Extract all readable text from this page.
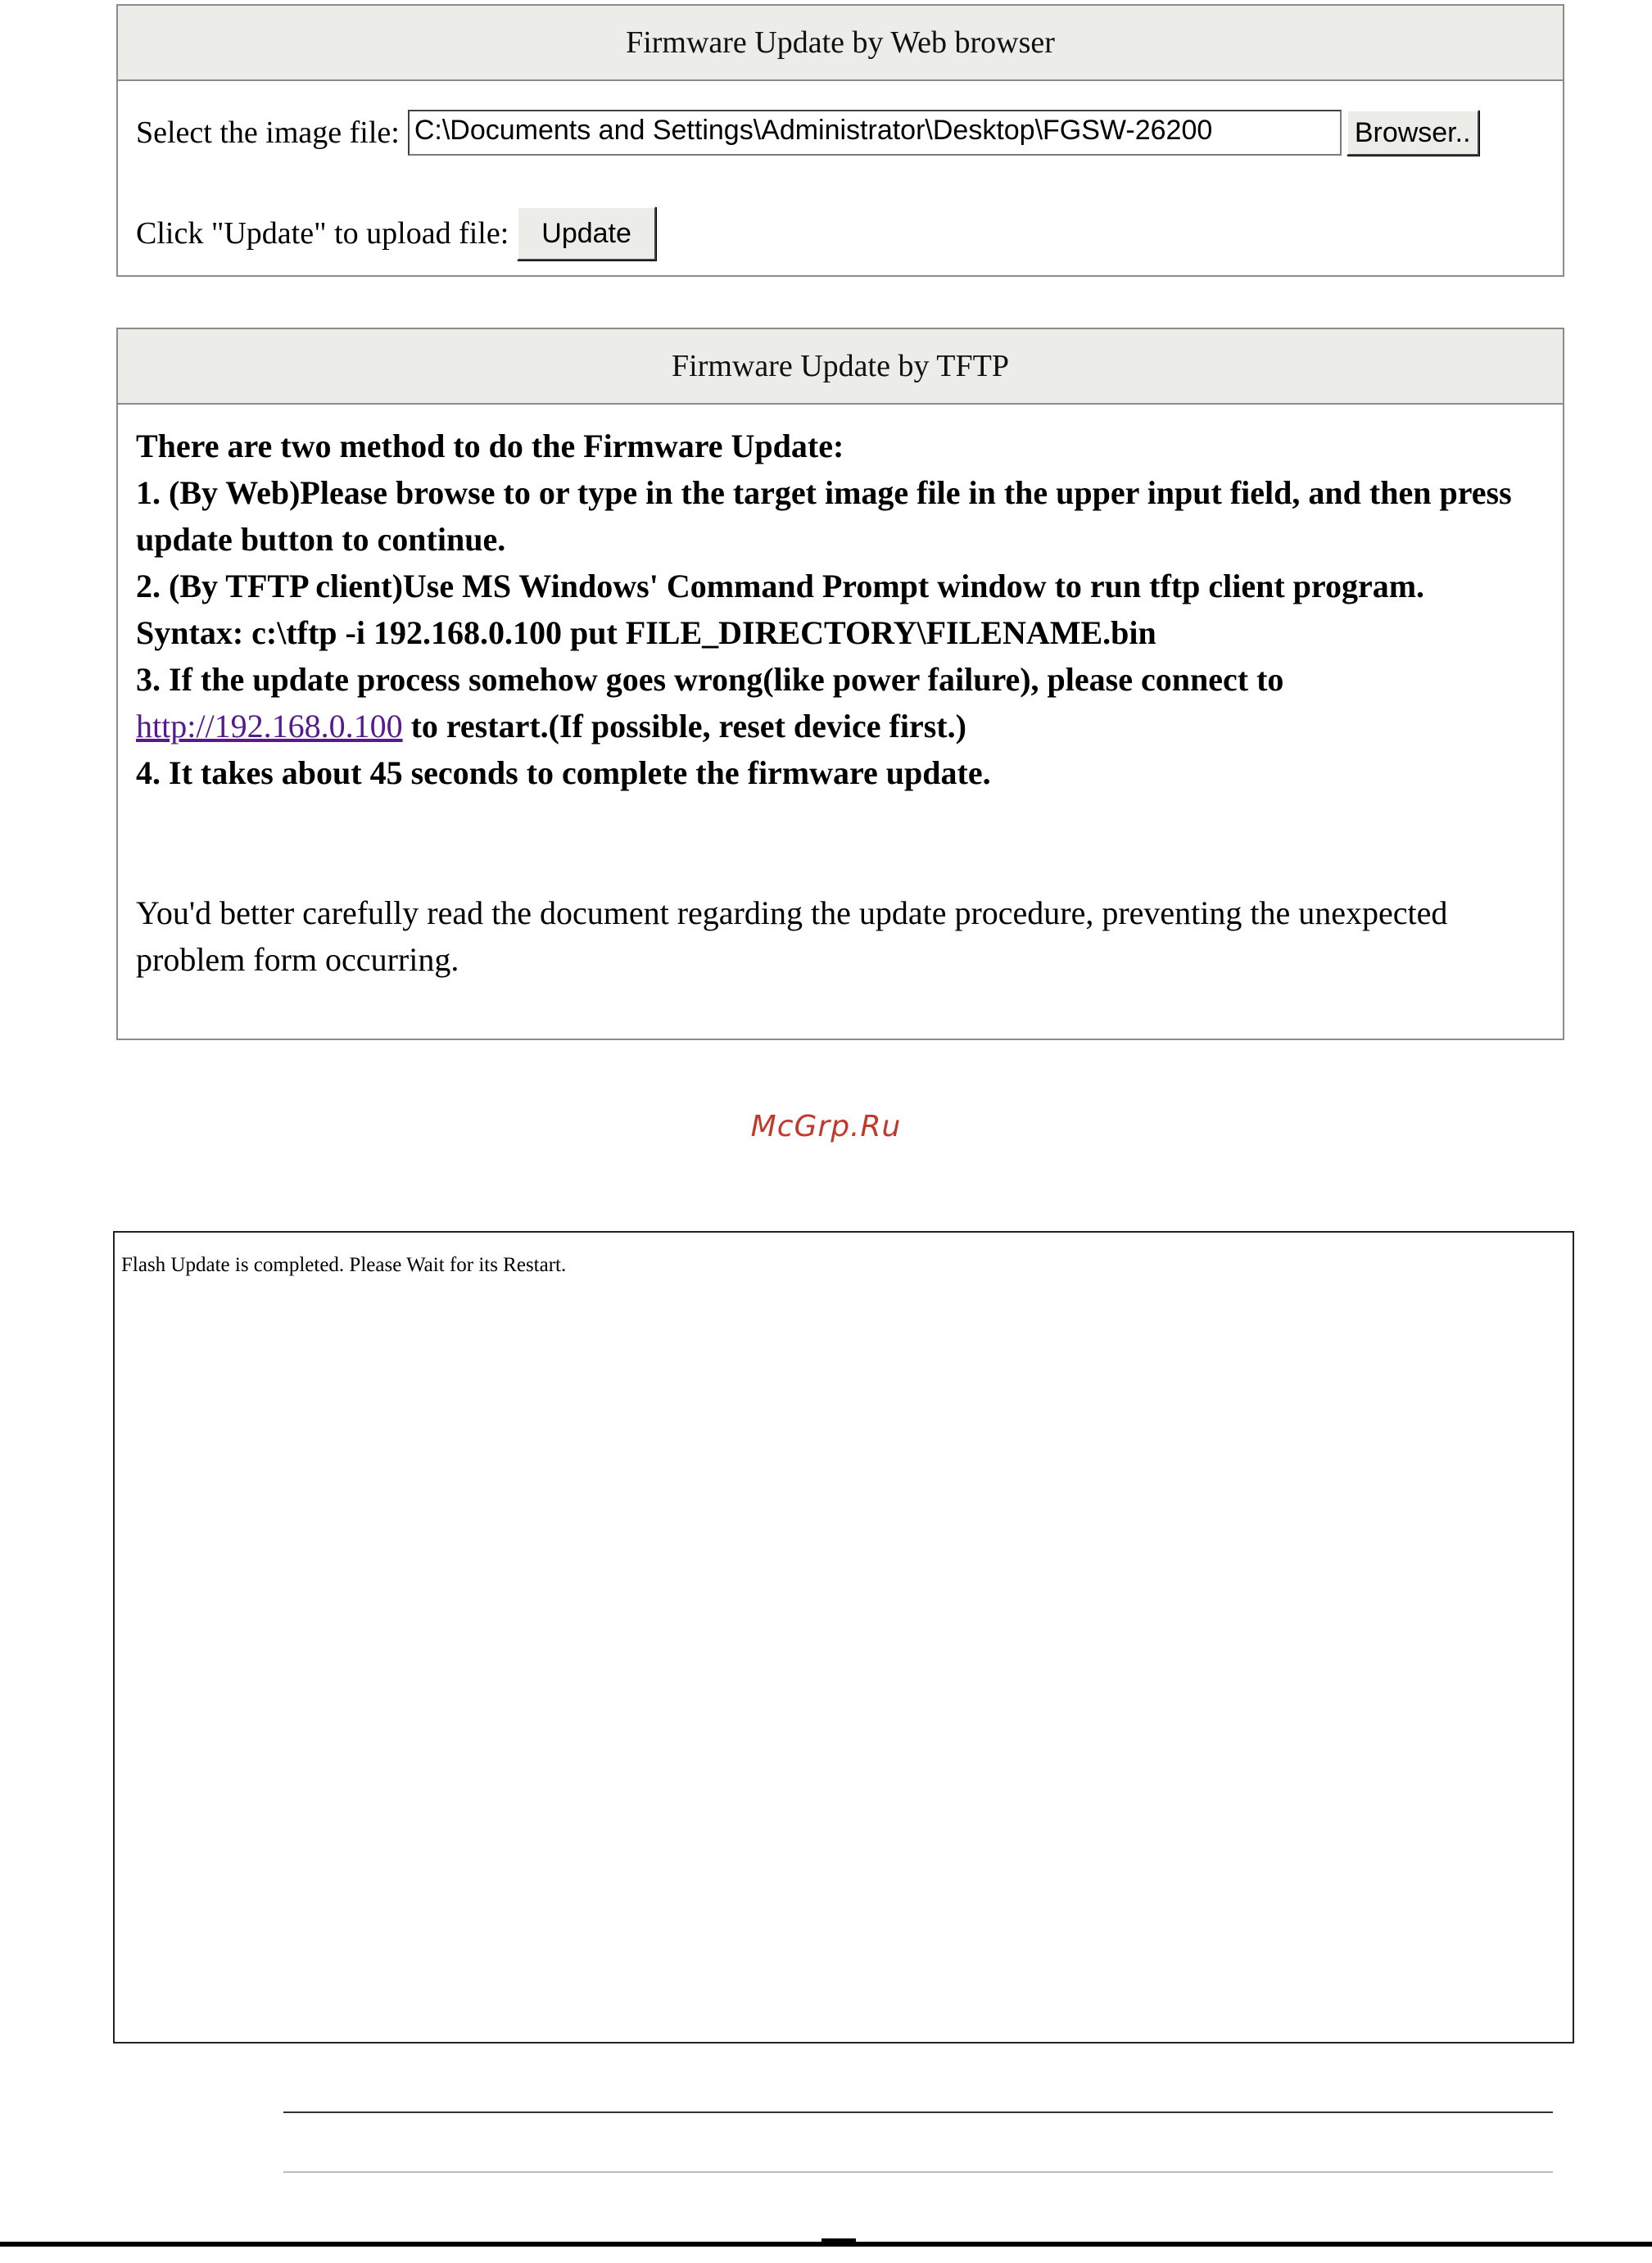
Firmware Update by Web browser
Select the image file: C:\Documents and Settings\Administrator\Desktop\FGSW-26200	Browser..
Click "Update" to upload file:	Update
Firmware Update by TFTP
There are two method to do the Firmware Update:
1. (By Web)Please browse to or type in the target image file in the upper input field, and then press update button to continue.
2. (By TFTP client)Use MS Windows' Command Prompt window to run tftp client program.
Syntax: c:\tftp -i 192.168.0.100 put FILE_DIRECTORY\FILENAME.bin
3. If the update process somehow goes wrong(like power failure), please connect to
http://192.168.0.100 to restart.(If possible, reset device first.)
4. It takes about 45 seconds to complete the firmware update.
You'd better carefully read the document regarding the update procedure, preventing the unexpected problem form occurring.
McGrp.Ru
Flash Update is completed. Please Wait for its Restart.
